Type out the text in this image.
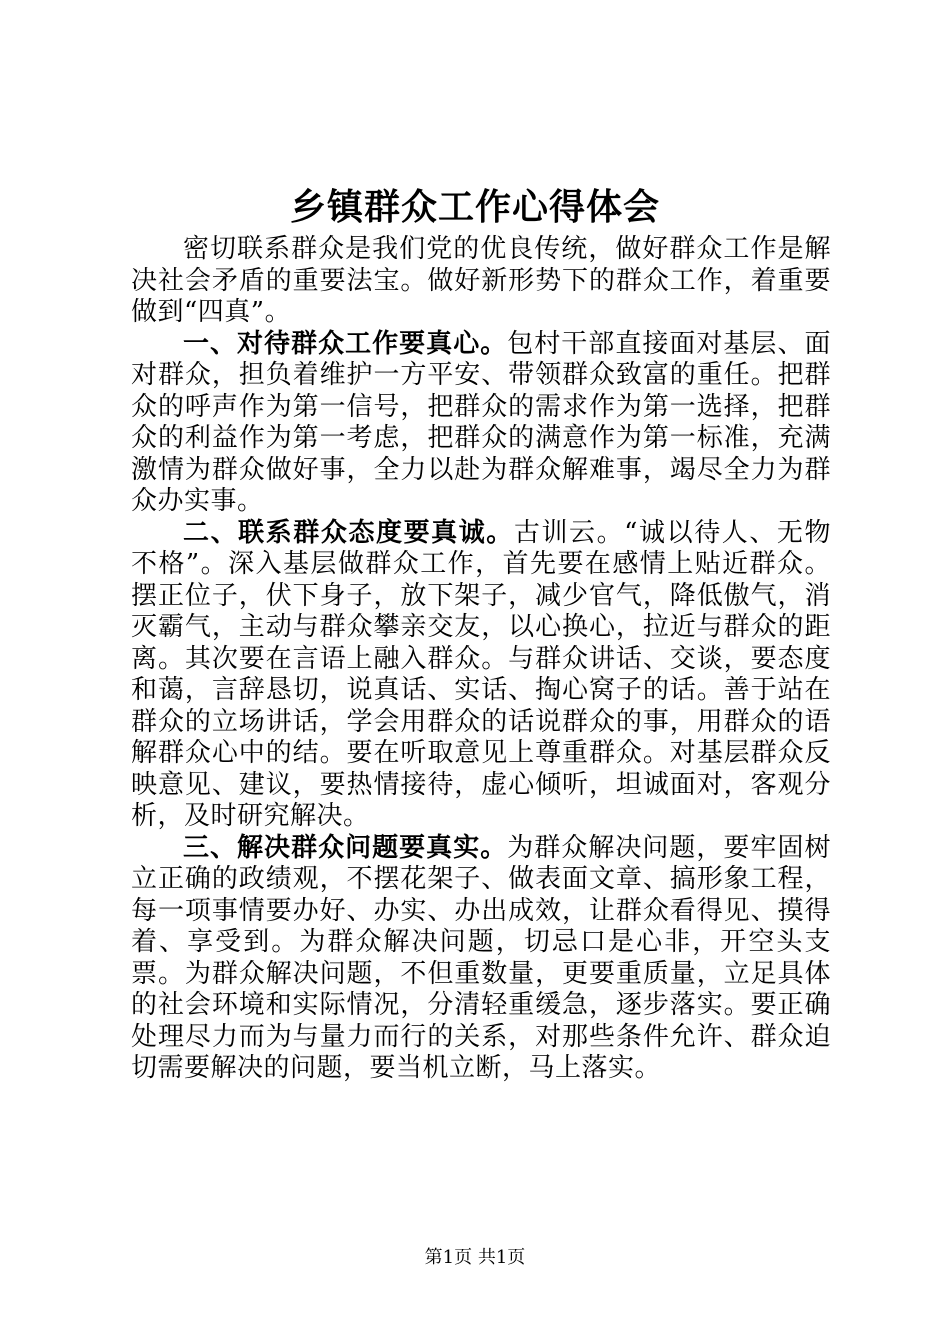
乡镇群众工作心得体会

密切联系群众是我们党的优良传统，做好群众工作是解决社会矛盾的重要法宝。做好新形势下的群众工作，着重要做到“四真”。

一、对待群众工作要真心。包村干部直接面对基层、面对群众，担负着维护一方平安、带领群众致富的重任。把群众的呼声作为第一信号，把群众的需求作为第一选择，把群众的利益作为第一考虑，把群众的满意作为第一标准，充满激情为群众做好事，全力以赴为群众解难事，竭尽全力为群众办实事。

二、联系群众态度要真诚。古训云。“诚以待人、无物不格”。深入基层做群众工作，首先要在感情上贴近群众。摆正位子，伏下身子，放下架子，减少官气，降低傲气，消灭霸气，主动与群众攀亲交友，以心换心，拉近与群众的距离。其次要在言语上融入群众。与群众讲话、交谈，要态度和蔼，言辞恳切，说真话、实话、掏心窝子的话。善于站在群众的立场讲话，学会用群众的话说群众的事，用群众的语解群众心中的结。要在听取意见上尊重群众。对基层群众反映意见、建议，要热情接待，虚心倾听，坦诚面对，客观分析，及时研究解决。

三、解决群众问题要真实。为群众解决问题，要牢固树立正确的政绩观，不摆花架子、做表面文章、搞形象工程，每一项事情要办好、办实、办出成效，让群众看得见、摸得着、享受到。为群众解决问题，切忌口是心非，开空头支票。为群众解决问题，不但重数量，更要重质量，立足具体的社会环境和实际情况，分清轻重缓急，逐步落实。要正确处理尽力而为与量力而行的关系，对那些条件允许、群众迫切需要解决的问题，要当机立断，马上落实。

第1页 共1页
